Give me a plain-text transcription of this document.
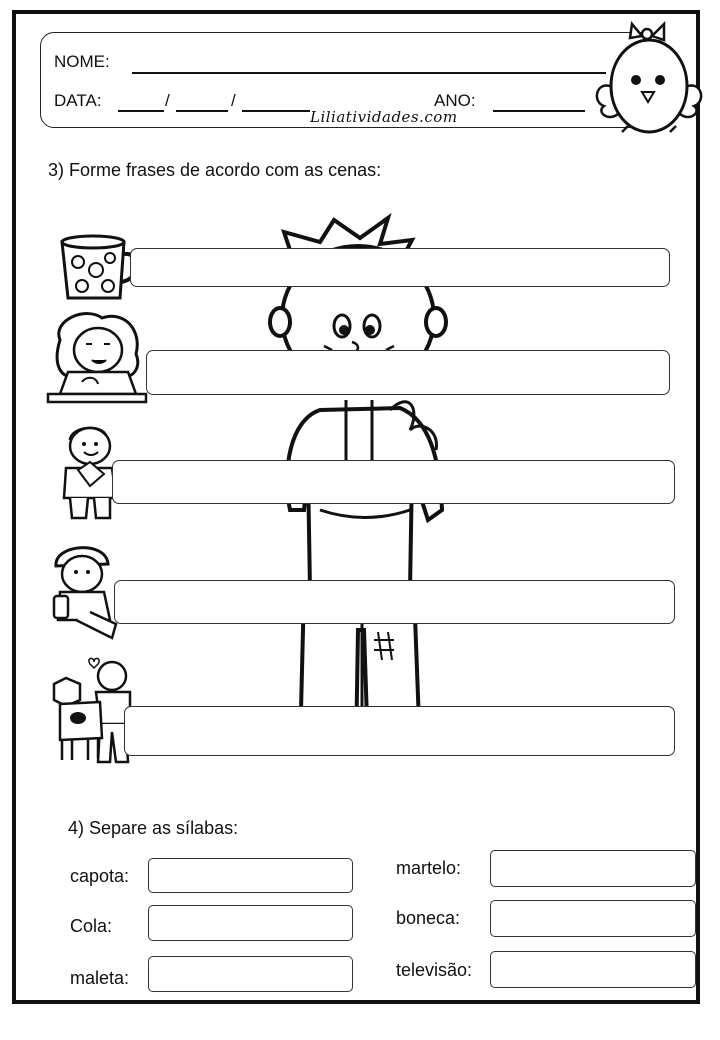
NOME:
DATA:	/	/
Liliatividades.com
ANO:
3) Forme frases de acordo com as cenas:
4) Separe as sílabas:
capota:
Cola:
maleta:
martelo:
boneca:
televisão:
